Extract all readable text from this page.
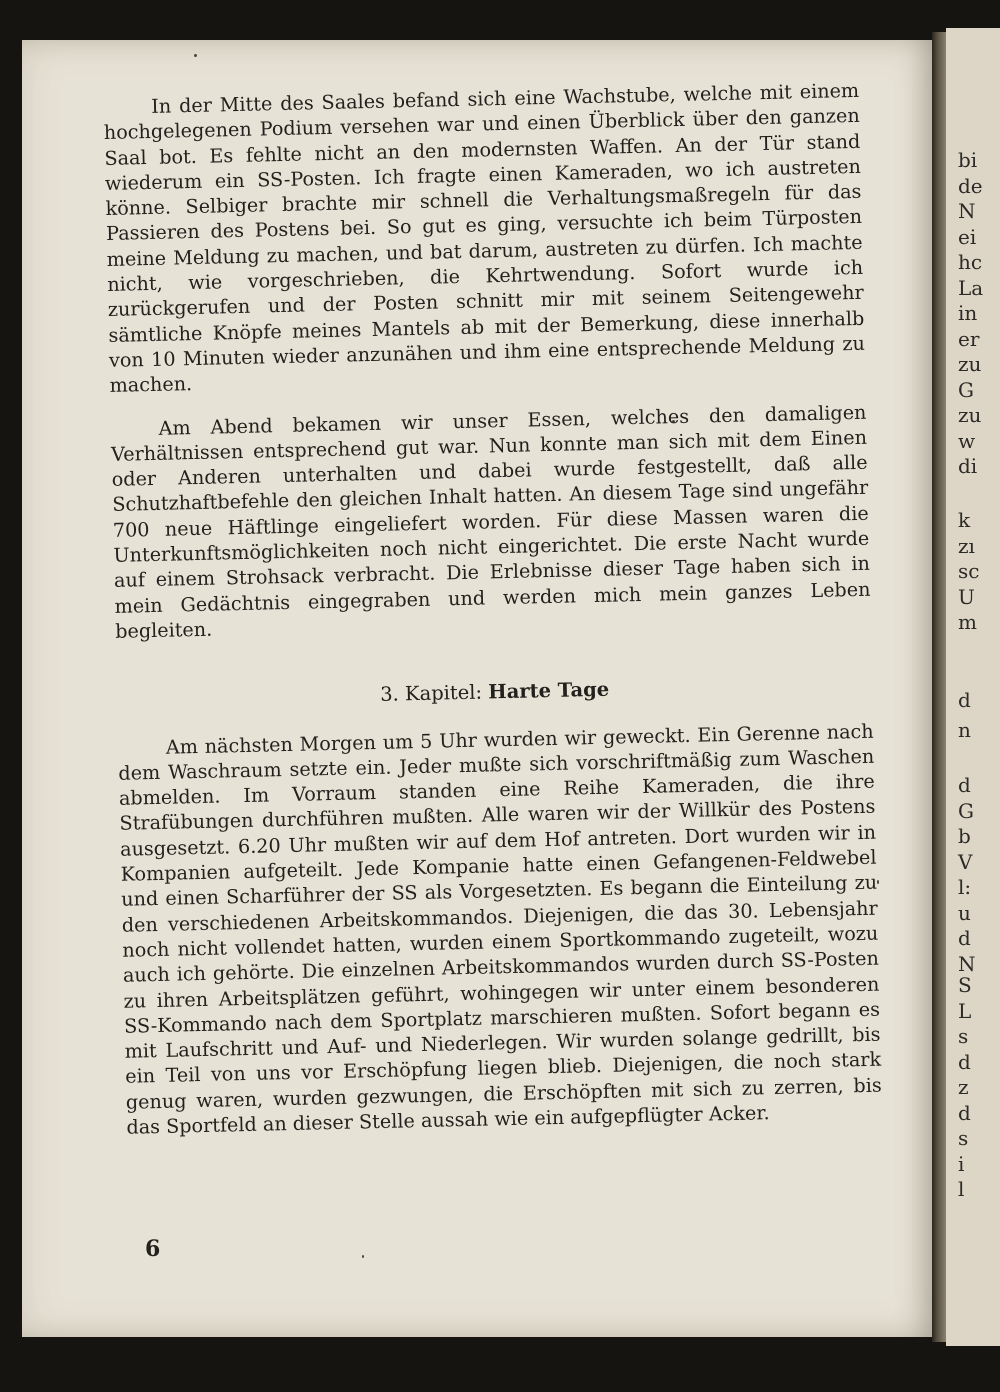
bi
de
N
ei
hc
La
in
er
zu
G
zu
w
di
k
zı
sc
U
m
d
n
d
G
b
V
l:
u
d
N
S
L
s
d
z
d
s
i
l

In der Mitte des Saales befand sich eine Wachstube, welche mit einem hochgelegenen Podium versehen war und einen Überblick über den ganzen Saal bot. Es fehlte nicht an den modernsten Waffen. An der Tür stand wiederum ein SS-Posten. Ich fragte einen Kameraden, wo ich austreten könne. Selbiger brachte mir schnell die Verhaltungsmaßregeln für das Passieren des Postens bei. So gut es ging, versuchte ich beim Türposten meine Meldung zu machen, und bat darum, austreten zu dürfen. Ich machte nicht, wie vorgeschrieben, die Kehrtwendung. Sofort wurde ich zurückgerufen und der Posten schnitt mir mit seinem Seitengewehr sämtliche Knöpfe meines Mantels ab mit der Bemerkung, diese innerhalb von 10 Minuten wieder anzunähen und ihm eine entsprechende Meldung zu machen.

Am Abend bekamen wir unser Essen, welches den damaligen Verhältnissen entsprechend gut war. Nun konnte man sich mit dem Einen oder Anderen unterhalten und dabei wurde festgestellt, daß alle Schutzhaftbefehle den gleichen Inhalt hatten. An diesem Tage sind ungefähr 700 neue Häftlinge eingeliefert worden. Für diese Massen waren die Unterkunftsmöglichkeiten noch nicht eingerichtet. Die erste Nacht wurde auf einem Strohsack verbracht. Die Erlebnisse dieser Tage haben sich in mein Gedächtnis eingegraben und werden mich mein ganzes Leben begleiten.

3. Kapitel: Harte Tage

Am nächsten Morgen um 5 Uhr wurden wir geweckt. Ein Gerenne nach dem Waschraum setzte ein. Jeder mußte sich vorschriftmäßig zum Waschen abmelden. Im Vorraum standen eine Reihe Kameraden, die ihre Strafübungen durchführen mußten. Alle waren wir der Willkür des Postens ausgesetzt. 6.20 Uhr mußten wir auf dem Hof antreten. Dort wurden wir in Kompanien aufgeteilt. Jede Kompanie hatte einen Gefangenen-Feldwebel und einen Scharführer der SS als Vorgesetzten. Es begann die Einteilung zu den verschiedenen Arbeitskommandos. Diejenigen, die das 30. Lebensjahr noch nicht vollendet hatten, wurden einem Sportkommando zugeteilt, wozu auch ich gehörte. Die einzelnen Arbeitskommandos wurden durch SS-Posten zu ihren Arbeitsplätzen geführt, wohingegen wir unter einem besonderen SS-Kommando nach dem Sportplatz marschieren mußten. Sofort begann es mit Laufschritt und Auf- und Niederlegen. Wir wurden solange gedrillt, bis ein Teil von uns vor Erschöpfung liegen blieb. Diejenigen, die noch stark genug waren, wurden gezwungen, die Erschöpften mit sich zu zerren, bis das Sportfeld an dieser Stelle aussah wie ein aufgepflügter Acker.

6
